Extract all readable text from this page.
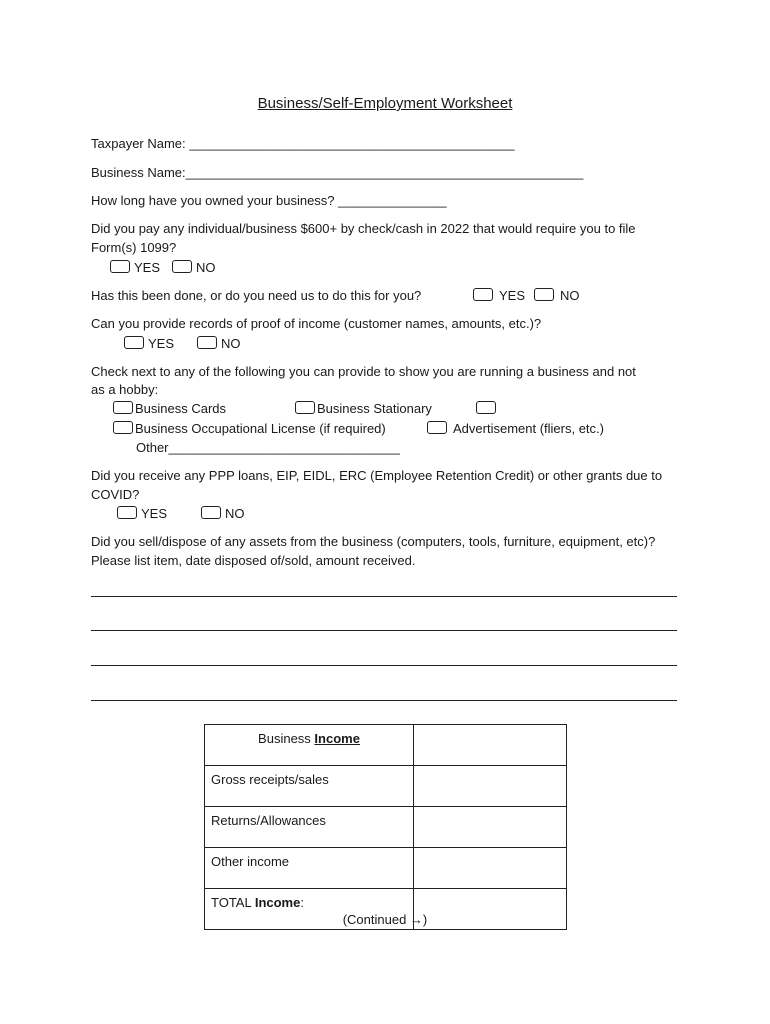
Business/Self-Employment Worksheet
Taxpayer Name: _____________________________________________
Business Name:_______________________________________________________
How long have you owned your business? _______________
Did you pay any individual/business $600+ by check/cash in 2022 that would require you to file
Form(s) 1099?
YES	NO
Has this been done, or do you need us to do this for you?	YES	NO
Can you provide records of proof of income (customer names, amounts, etc.)?
YES	NO
Check next to any of the following you can provide to show you are running a business and not
as a hobby:
Business Cards	Business Stationary
Business Occupational License (if required)	Advertisement (fliers, etc.)
Other________________________________
Did you receive any PPP loans, EIP, EIDL, ERC (Employee Retention Credit) or other grants due to
COVID?
YES	NO
Did you sell/dispose of any assets from the business (computers, tools, furniture, equipment, etc)?
Please list item, date disposed of/sold, amount received.
Business Income	
Gross receipts/sales	
Returns/Allowances	
Other income	
TOTAL Income:	
(Continued →)
